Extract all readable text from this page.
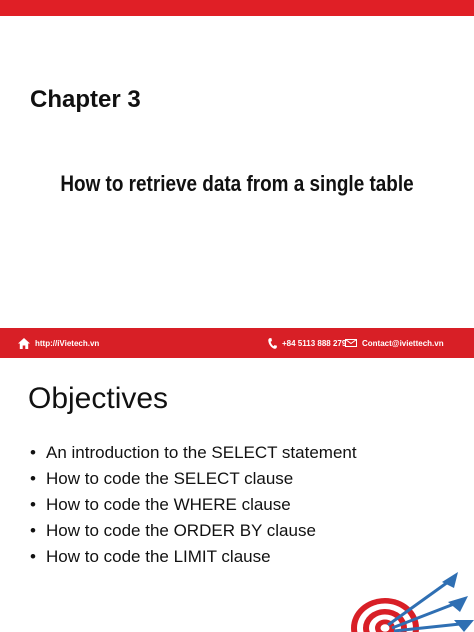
Chapter 3
How to retrieve data from a single table
http://iVietech.vn	+84 5113 888 279 Contact@iviettech.vn
Objectives
• An introduction to the SELECT statement
• How to code the SELECT clause
• How to code the WHERE clause
• How to code the ORDER BY clause
• How to code the LIMIT clause
